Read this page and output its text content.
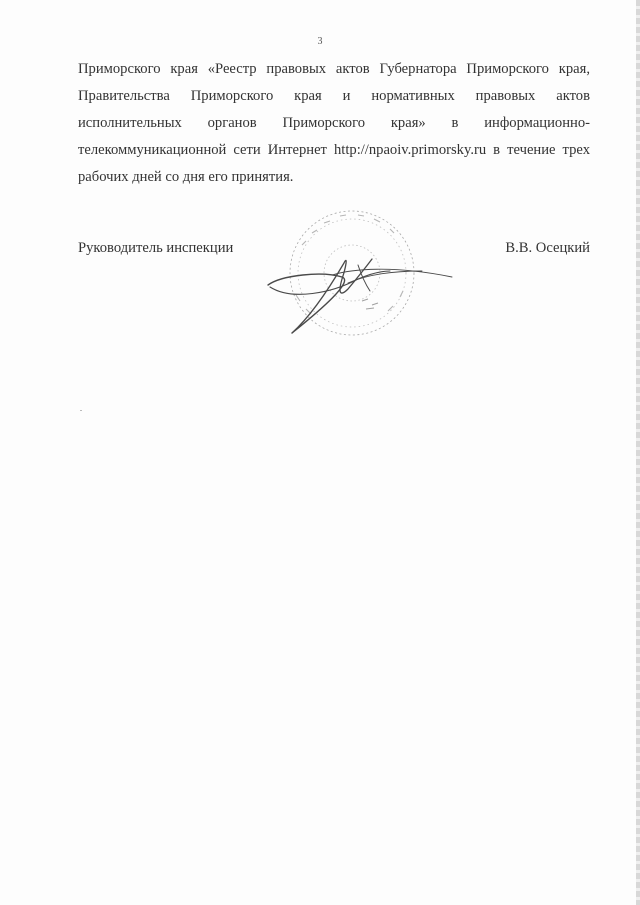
3
Приморского края «Реестр правовых актов Губернатора Приморского края,
Правительства Приморского края и нормативных правовых актов
исполнительных органов Приморского края» в информационно-
телекоммуникационной сети Интернет http://npaoiv.primorsky.ru в течение трех
рабочих дней со дня его принятия.
Руководитель инспекции	В.В. Осецкий
